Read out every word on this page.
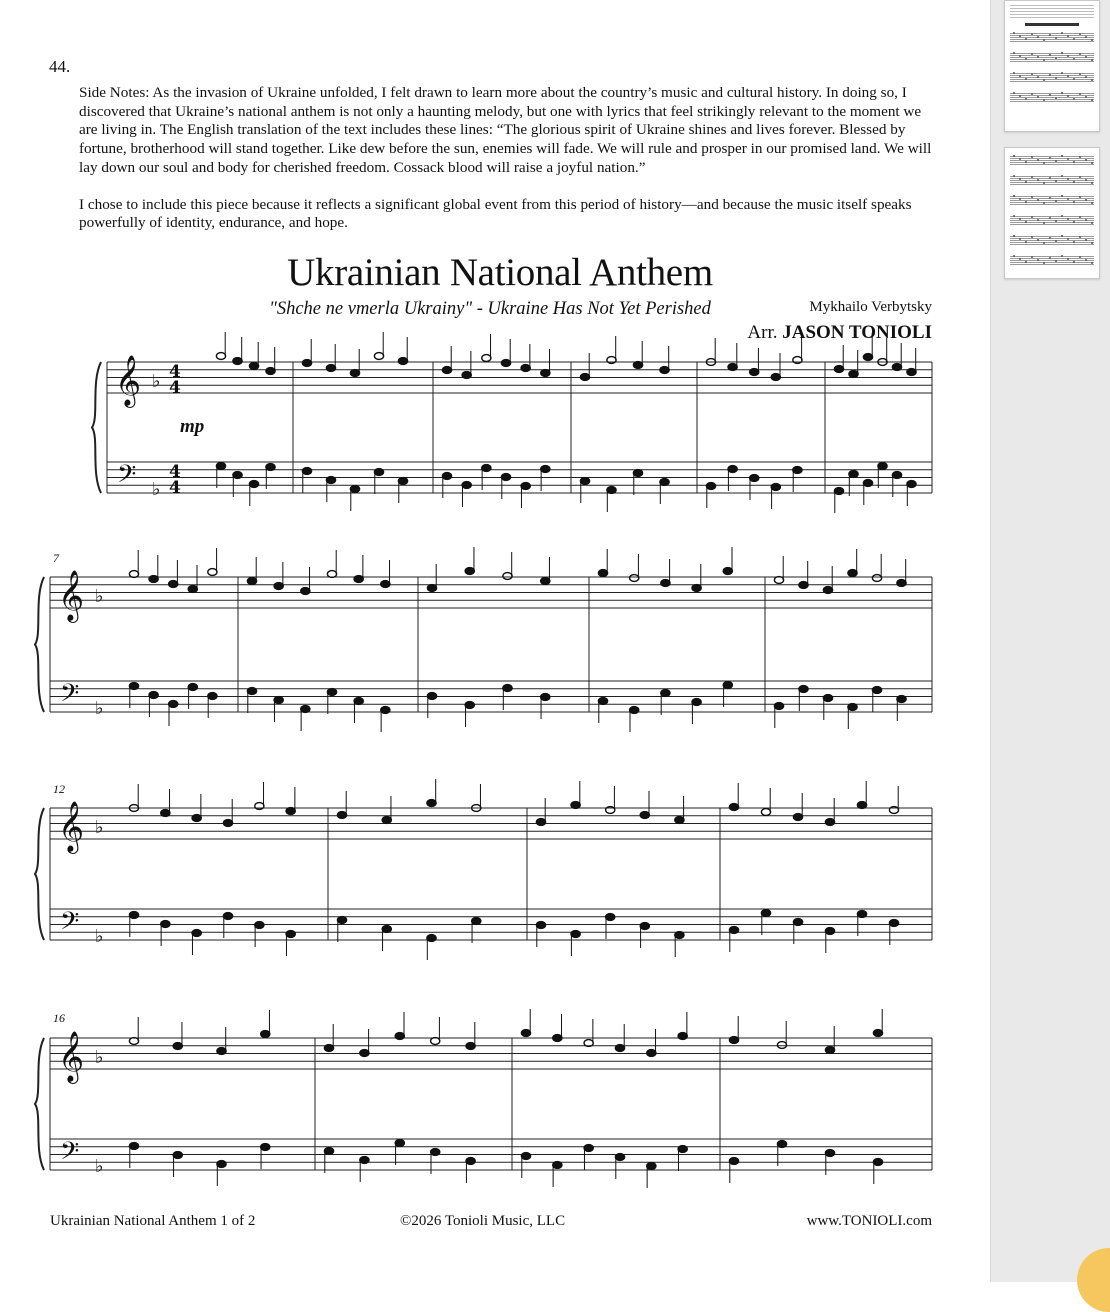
44.

Side Notes: As the invasion of Ukraine unfolded, I felt drawn to learn more about the country’s music and cultural history. In doing so, I discovered that Ukraine’s national anthem is not only a haunting melody, but one with lyrics that feel strikingly relevant to the moment we are living in. The English translation of the text includes these lines: “The glorious spirit of Ukraine shines and lives forever. Blessed by fortune, brotherhood will stand together. Like dew before the sun, enemies will fade. We will rule and prosper in our promised land. We will lay down our soul and body for cherished freedom. Cossack blood will raise a joyful nation.”

I chose to include this piece because it reflects a significant global event from this period of history—and because the music itself speaks powerfully of identity, endurance, and hope.

Ukrainian National Anthem
"Shche ne vmerla Ukrainy" - Ukraine Has Not Yet Perished	Mykhailo Verbytsky
Arr. JASON TONIOLI
𝄞
𝄢
♭
♭
4
4
4
4
𝄞
𝄢
♭
♭
𝄞
𝄢
♭
♭
𝄞
𝄢
♭
♭
7
12
16
mp
Ukrainian National Anthem 1 of 2	©2026 Tonioli Music, LLC	www.TONIOLI.com
